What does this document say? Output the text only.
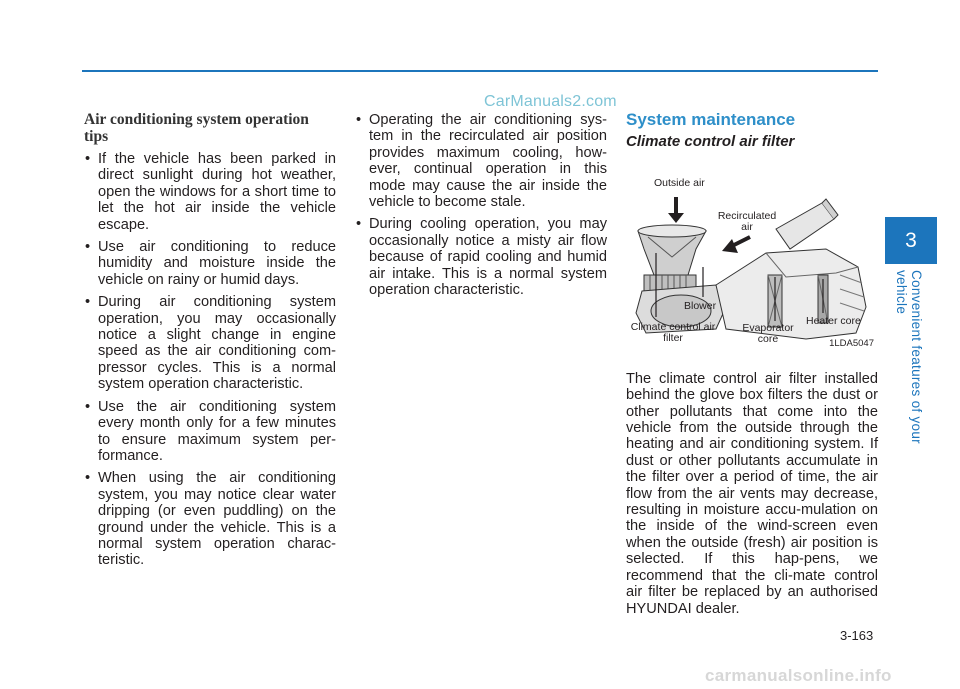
CarManuals2.com
Air conditioning system operation tips
• If the vehicle has been parked in direct sunlight during hot weather, open the windows for a short time to let the hot air inside the vehicle escape.
• Use air conditioning to reduce humidity and moisture inside the vehicle on rainy or humid days.
• During air conditioning system operation, you may occasionally notice a slight change in engine speed as the air conditioning com-pressor cycles. This is a normal system operation characteristic.
• Use the air conditioning system every month only for a few minutes to ensure maximum system per-formance.
• When using the air conditioning system, you may notice clear water dripping (or even puddling) on the ground under the vehicle. This is a normal system operation charac-teristic.
• Operating the air conditioning sys-tem in the recirculated air position provides maximum cooling, how-ever, continual operation in this mode may cause the air inside the vehicle to become stale.
• During cooling operation, you may occasionally notice a misty air flow because of rapid cooling and humid air intake. This is a normal system operation characteristic.
System maintenance
Climate control air filter
Outside air
Recirculated air
Blower
Climate control air filter
Evaporator core
Heater core
1LDA5047

The climate control air filter installed behind the glove box filters the dust or other pollutants that come into the vehicle from the outside through the heating and air conditioning system. If dust or other pollutants accumulate in the filter over a period of time, the air flow from the air vents may decrease, resulting in moisture accu-mulation on the inside of the wind-screen even when the outside (fresh) air position is selected. If this hap-pens, we recommend that the cli-mate control air filter be replaced by an authorised HYUNDAI dealer.

3
Convenient features of your vehicle
3-163
carmanualsonline.info
